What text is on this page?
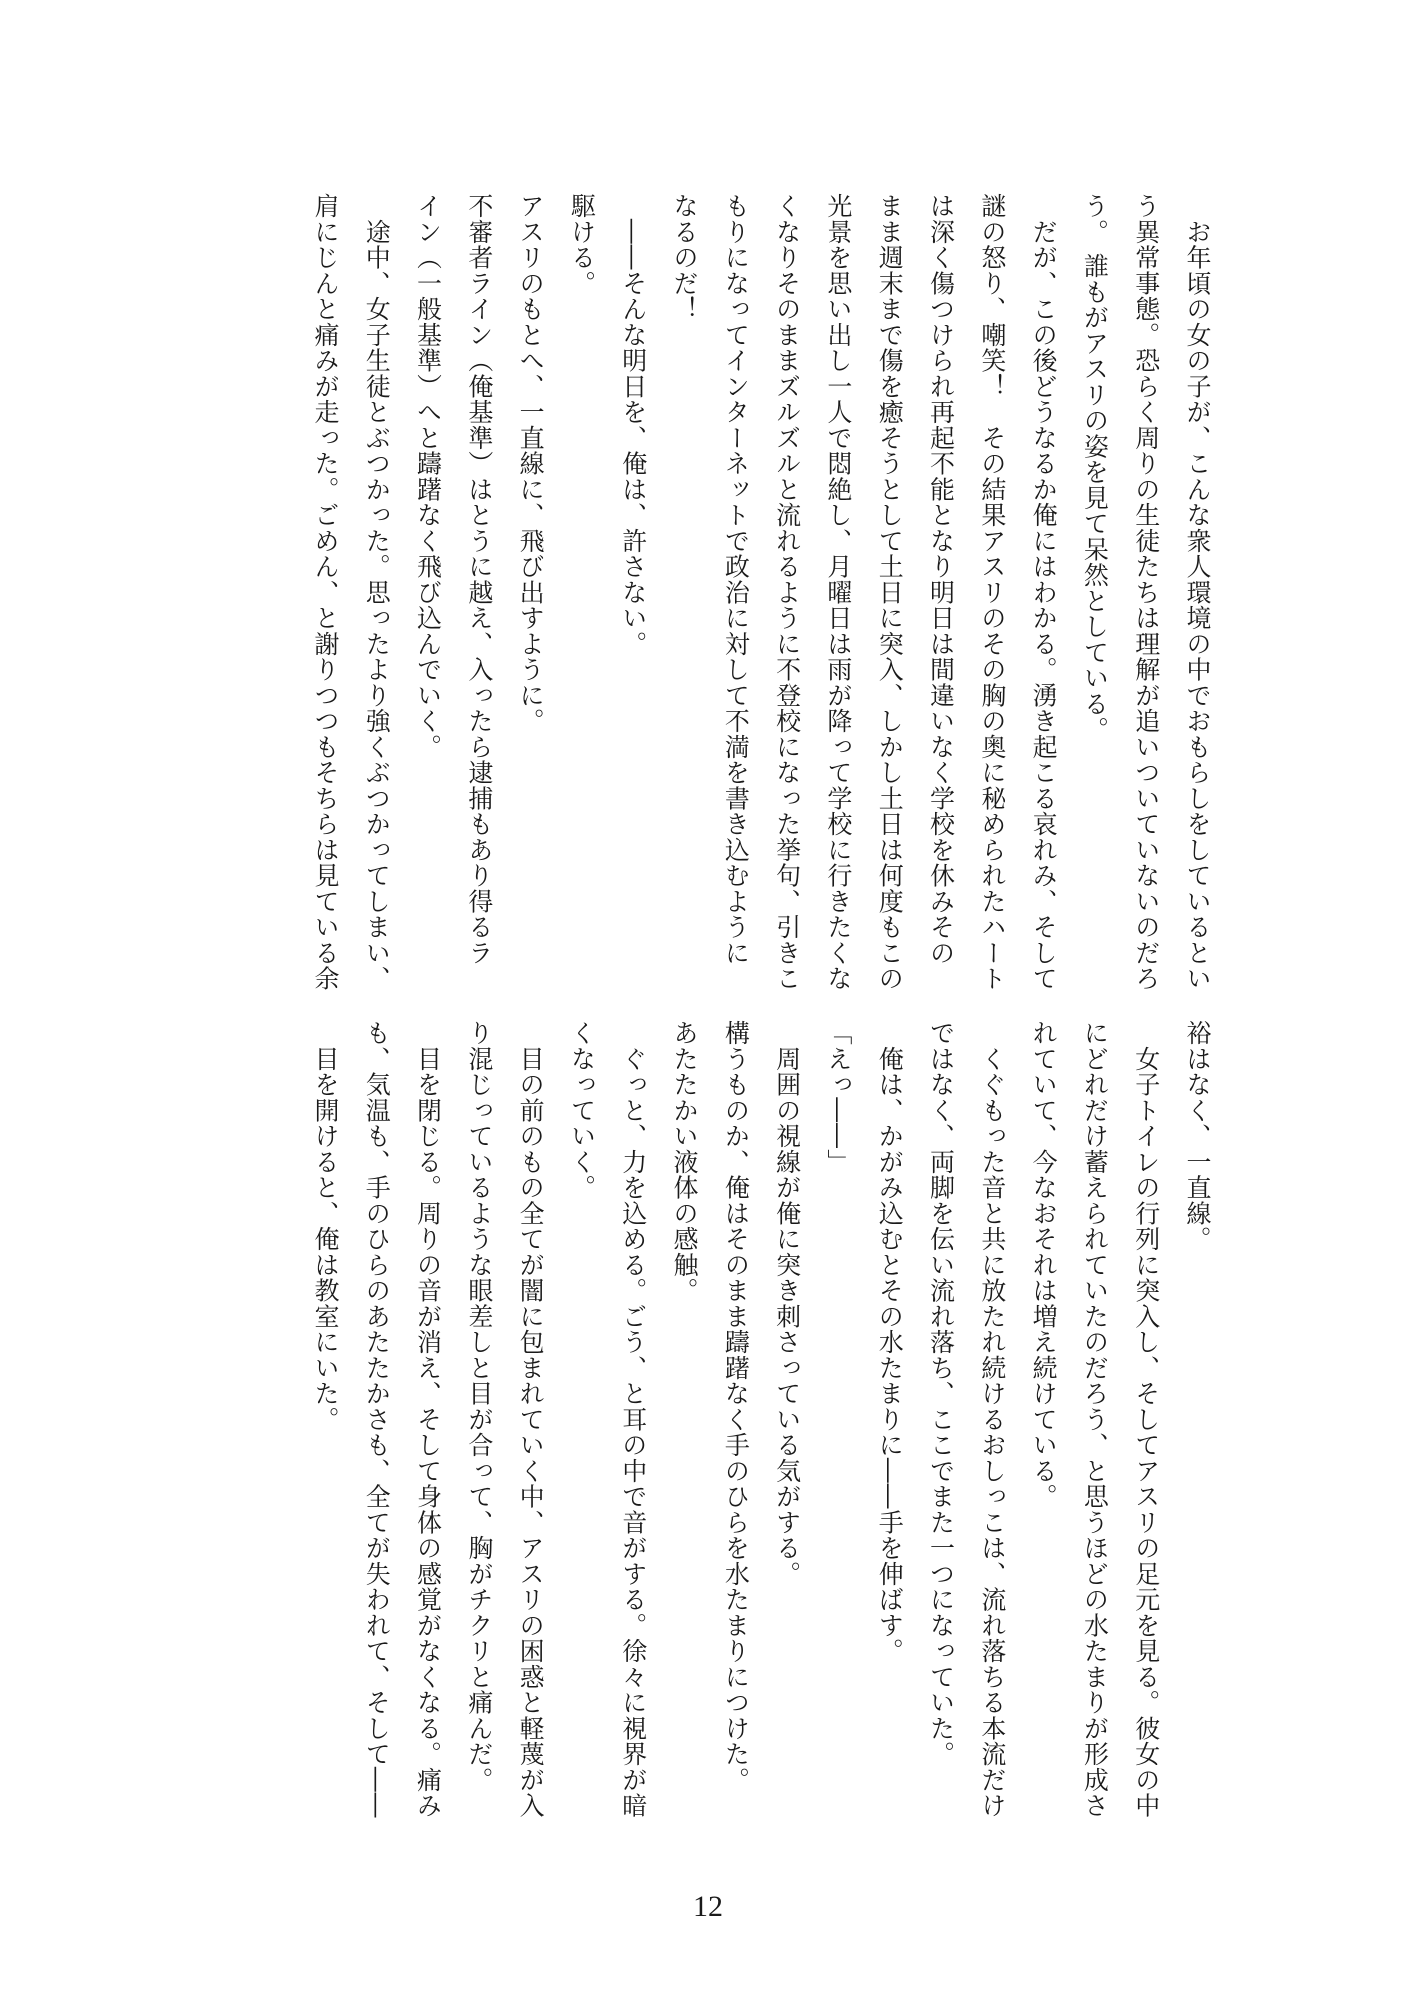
　お年頃の女の子が、こんな衆人環境の中でおもらしをしているとい
う異常事態。恐らく周りの生徒たちは理解が追いついていないのだろ
う。 誰もがアスリの姿を見て呆然としている。
　だが、この後どうなるか俺にはわかる。湧き起こる哀れみ、そして
謎の怒り、嘲笑！　その結果アスリのその胸の奥に秘められたハート
は深く傷つけられ再起不能となり明日は間違いなく学校を休みその
まま週末まで傷を癒そうとして土日に突入、しかし土日は何度もこの
光景を思い出し一人で悶絶し、月曜日は雨が降って学校に行きたくな
くなりそのままズルズルと流れるように不登校になった挙句、引きこ
もりになってインターネットで政治に対して不満を書き込むように
なるのだ！
　――そんな明日を、俺は、許さない。
駆ける。
アスリのもとへ、一直線に、飛び出すように。
不審者ライン（俺基準）はとうに越え、入ったら逮捕もあり得るラ
イン（一般基準）へと躊躇なく飛び込んでいく。
　途中、女子生徒とぶつかった。思ったより強くぶつかってしまい、
肩にじんと痛みが走った。ごめん、と謝りつつもそちらは見ている余
裕はなく、一直線。
　女子トイレの行列に突入し、そしてアスリの足元を見る。彼女の中
にどれだけ蓄えられていたのだろう、と思うほどの水たまりが形成さ
れていて、今なおそれは増え続けている。
　くぐもった音と共に放たれ続けるおしっこは、流れ落ちる本流だけ
ではなく、両脚を伝い流れ落ち、ここでまた一つになっていた。
　俺は、かがみ込むとその水たまりに――手を伸ばす。
「えっ――」
　周囲の視線が俺に突き刺さっている気がする。
構うものか、俺はそのまま躊躇なく手のひらを水たまりにつけた。
あたたかい液体の感触。
　ぐっと、力を込める。ごう、と耳の中で音がする。徐々に視界が暗
くなっていく。
　目の前のもの全てが闇に包まれていく中、アスリの困惑と軽蔑が入
り混じっているような眼差しと目が合って、胸がチクリと痛んだ。
　目を閉じる。周りの音が消え、そして身体の感覚がなくなる。痛み
も、気温も、手のひらのあたたかさも、全てが失われて、そして――
　目を開けると、俺は教室にいた。
12
